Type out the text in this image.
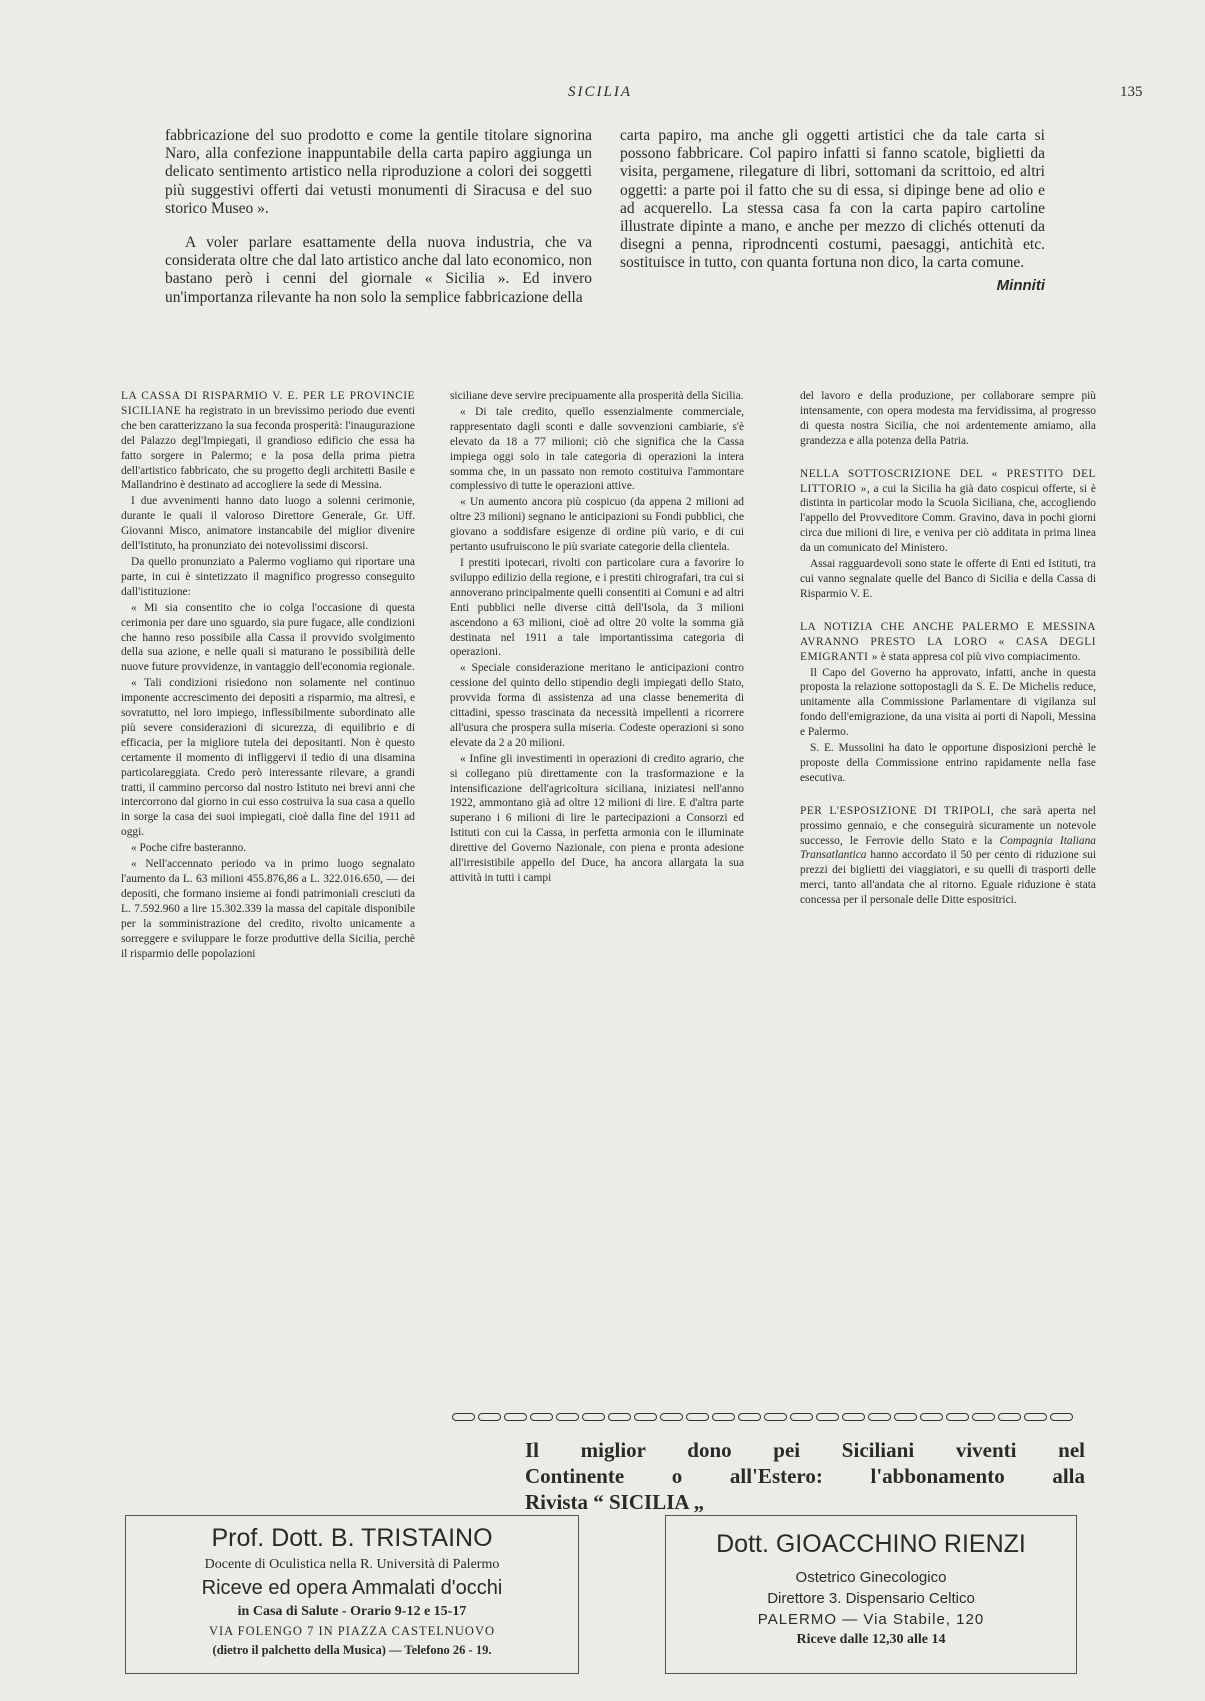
SICILIA	135

fabbricazione del suo prodotto e come la gentile titolare signorina Naro, alla confezione inappuntabile della carta papiro aggiunga un delicato sentimento artistico nella riproduzione a colori dei soggetti più suggestivi offerti dai vetusti monumenti di Siracusa e del suo storico Museo ».

A voler parlare esattamente della nuova industria, che va considerata oltre che dal lato artistico anche dal lato economico, non bastano però i cenni del giornale « Sicilia ». Ed invero un'importanza rilevante ha non solo la semplice fabbricazione della

carta papiro, ma anche gli oggetti artistici che da tale carta si possono fabbricare. Col papiro infatti si fanno scatole, biglietti da visita, pergamene, rilegature di libri, sottomani da scrittoio, ed altri oggetti: a parte poi il fatto che su di essa, si dipinge bene ad olio e ad acquerello. La stessa casa fa con la carta papiro cartoline illustrate dipinte a mano, e anche per mezzo di clichés ottenuti da disegni a penna, riprodncenti costumi, paesaggi, antichità etc. sostituisce in tutto, con quanta fortuna non dico, la carta comune.

Minniti

LA CASSA DI RISPARMIO V. E. PER LE PROVINCIE SICILIANE ha registrato in un brevissimo periodo due eventi che ben caratterizzano la sua feconda prosperità: l'inaugurazione del Palazzo degl'Impiegati, il grandioso edificio che essa ha fatto sorgere in Palermo; e la posa della prima pietra dell'artistico fabbricato, che su progetto degli architetti Basile e Mallandrino è destinato ad accogliere la sede di Messina.

I due avvenimenti hanno dato luogo a solenni cerimonie, durante le quali il valoroso Direttore Generale, Gr. Uff. Giovanni Misco, animatore instancabile del miglior divenire dell'Istituto, ha pronunziato dei notevolissimi discorsi.

Da quello pronunziato a Palermo vogliamo qui riportare una parte, in cui è sintetizzato il magnifico progresso conseguito dall'istituzione:

« Mi sia consentito che io colga l'occasione di questa cerimonia per dare uno sguardo, sia pure fugace, alle condizioni che hanno reso possibile alla Cassa il provvido svolgimento della sua azione, e nelle quali si maturano le possibilità delle nuove future provvidenze, in vantaggio dell'economia regionale.

« Tali condizioni risiedono non solamente nel continuo imponente accrescimento dei depositi a risparmio, ma altresì, e sovratutto, nel loro impiego, inflessibilmente subordinato alle più severe considerazioni di sicurezza, di equilibrio e di efficacia, per la migliore tutela dei depositanti. Non è questo certamente il momento di infliggervi il tedio di una disamina particolareggiata. Credo però interessante rilevare, a grandi tratti, il cammino percorso dal nostro Istituto nei brevi anni che intercorrono dal giorno in cui esso costruiva la sua casa a quello in sorge la casa dei suoi impiegati, cioè dalla fine del 1911 ad oggi.

« Poche cifre basteranno.

« Nell'accennato periodo va in primo luogo segnalato l'aumento da L. 63 milioni 455.876,86 a L. 322.016.650, — dei depositi, che formano insieme ai fondi patrimoniali cresciuti da L. 7.592.960 a lire 15.302.339 la massa del capitale disponibile per la somministrazione del credito, rivolto unicamente a sorreggere e sviluppare le forze produttive della Sicilia, perchè il risparmio delle popolazioni

siciliane deve servire precipuamente alla prosperità della Sicilia.

« Di tale credito, quello essenzialmente commerciale, rappresentato dagli sconti e dalle sovvenzioni cambiarie, s'è elevato da 18 a 77 milioni; ciò che significa che la Cassa impiega oggi solo in tale categoria di operazioni la intera somma che, in un passato non remoto costituiva l'ammontare complessivo di tutte le operazioni attive.

« Un aumento ancora più cospicuo (da appena 2 milioni ad oltre 23 milioni) segnano le anticipazioni su Fondi pubblici, che giovano a soddisfare esigenze di ordine più vario, e di cui pertanto usufruiscono le più svariate categorie della clientela.

I prestiti ipotecari, rivolti con particolare cura a favorire lo sviluppo edilizio della regione, e i prestiti chirografari, tra cui si annoverano principalmente quelli consentiti ai Comuni e ad altri Enti pubblici nelle diverse città dell'Isola, da 3 milioni ascendono a 63 milioni, cioè ad oltre 20 volte la somma già destinata nel 1911 a tale importantissima categoria di operazioni.

« Speciale considerazione meritano le anticipazioni contro cessione del quinto dello stipendio degli impiegati dello Stato, provvida forma di assistenza ad una classe benemerita di cittadini, spesso trascinata da necessità impellenti a ricorrere all'usura che prospera sulla miseria. Codeste operazioni si sono elevate da 2 a 20 milioni.

« Infine gli investimenti in operazioni di credito agrario, che si collegano più direttamente con la trasformazione e la intensificazione dell'agricoltura siciliana, iniziatesi nell'anno 1922, ammontano già ad oltre 12 milioni di lire. E d'altra parte superano i 6 milioni di lire le partecipazioni a Consorzi ed Istituti con cui la Cassa, in perfetta armonia con le illuminate direttive del Governo Nazionale, con piena e pronta adesione all'irresistibile appello del Duce, ha ancora allargata la sua attività in tutti i campi

del lavoro e della produzione, per collaborare sempre più intensamente, con opera modesta ma fervidissima, al progresso di questa nostra Sicilia, che noi ardentemente amiamo, alla grandezza e alla potenza della Patria.

NELLA SOTTOSCRIZIONE DEL « PRESTITO DEL LITTORIO », a cui la Sicilia ha già dato cospicui offerte, si è distinta in particolar modo la Scuola Siciliana, che, accogliendo l'appello del Provveditore Comm. Gravino, dava in pochi giorni circa due milioni di lire, e veniva per ciò additata in prima linea da un comunicato del Ministero.

Assai ragguardevoli sono state le offerte di Enti ed Istituti, tra cui vanno segnalate quelle del Banco di Sicilia e della Cassa di Risparmio V. E.

LA NOTIZIA CHE ANCHE PALERMO E MESSINA AVRANNO PRESTO LA LORO « CASA DEGLI EMIGRANTI » è stata appresa col più vivo compiacimento.

Il Capo del Governo ha approvato, infatti, anche in questa proposta la relazione sottopostagli da S. E. De Michelis reduce, unitamente alla Commissione Parlamentare di vigilanza sul fondo dell'emigrazione, da una visita ai porti di Napoli, Messina e Palermo.

S. E. Mussolini ha dato le opportune disposizioni perchè le proposte della Commissione entrino rapidamente nella fase esecutiva.

PER L'ESPOSIZIONE DI TRIPOLI, che sarà aperta nel prossimo gennaio, e che conseguirà sicuramente un notevole successo, le Ferrovie dello Stato e la Compagnia Italiana Transatlantica hanno accordato il 50 per cento di riduzione sui prezzi dei biglietti dei viaggiatori, e su quelli di trasporti delle merci, tanto all'andata che al ritorno. Eguale riduzione è stata concessa per il personale delle Ditte espositrici.

Il miglior dono pei Siciliani viventi nel
Continente o all'Estero: l'abbonamento alla
Rivista “ SICILIA „
Prof. Dott. B. TRISTAINO
Docente di Oculistica nella R. Università di Palermo
Riceve ed opera Ammalati d'occhi
in Casa di Salute - Orario 9-12 e 15-17
VIA FOLENGO 7 IN PIAZZA CASTELNUOVO
(dietro il palchetto della Musica) — Telefono 26 - 19.
Dott. GIOACCHINO RIENZI
Ostetrico Ginecologico
Direttore 3. Dispensario Celtico
PALERMO — Via Stabile, 120
Riceve dalle 12,30 alle 14
